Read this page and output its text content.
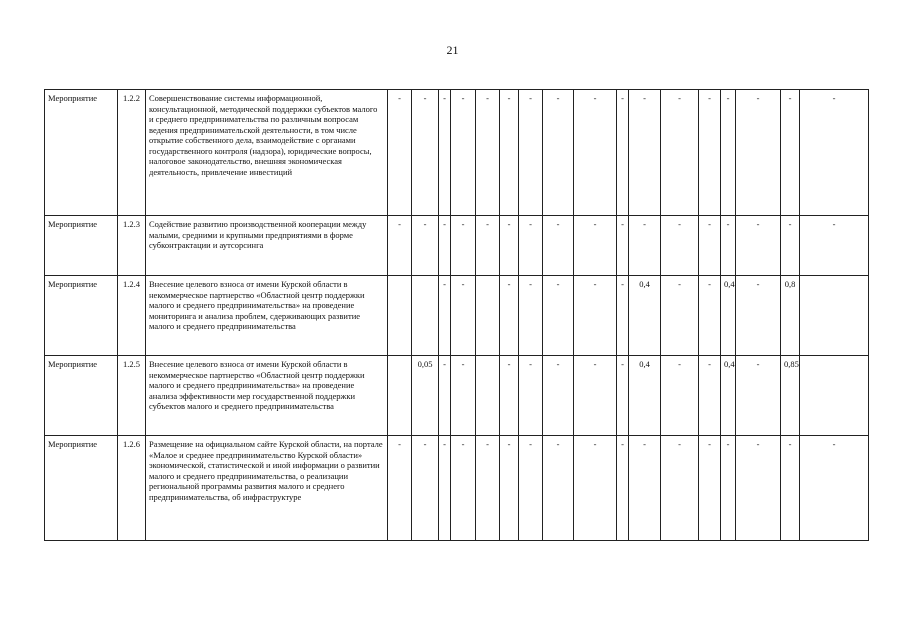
21
Мероприятие	1.2.2	Совершенствование системы информационной, консультационной, методической поддержки субъектов малого и среднего предпринимательства по различным вопросам ведения предпринимательской деятельности, в том числе открытие собственного дела, взаимодействие с органами государственного контроля (надзора), юридические вопросы, налоговое законодательство, внешняя экономическая деятельность, привлечение инвестиций	-	-	-	-	-	-	-	-	-	-	-	-	-	-	-	-	-
Мероприятие	1.2.3	Содействие развитию производственной кооперации между малыми, средними и крупными предприятиями в форме субконтрактации и аутсорсинга	-	-	-	-	-	-	-	-	-	-	-	-	-	-	-	-	-
Мероприятие	1.2.4	Внесение целевого взноса от имени Курской области в некоммерческое партнерство «Областной центр поддержки малого и среднего предпринимательства» на проведение мониторинга и анализа проблем, сдерживающих развитие малого и среднего предпринимательства			-	-		-	-	-	-	-	0,4	-	-	0,4	-	0,8	
Мероприятие	1.2.5	Внесение целевого взноса от имени Курской области в некоммерческое партнерство «Областной центр поддержки малого и среднего предпринимательства» на проведение анализа эффективности мер государственной поддержки субъектов малого и среднего предпринимательства		0,05	-	-		-	-	-	-	-	0,4	-	-	0,4	-	0,85	
Мероприятие	1.2.6	Размещение на официальном сайте Курской области, на портале «Малое и среднее предпринимательство Курской области» экономической, статистической и иной информации о развитии малого и среднего предпринимательства, о реализации региональной программы развития малого и среднего предпринимательства, об инфраструктуре	-	-	-	-	-	-	-	-	-	-	-	-	-	-	-	-	-
